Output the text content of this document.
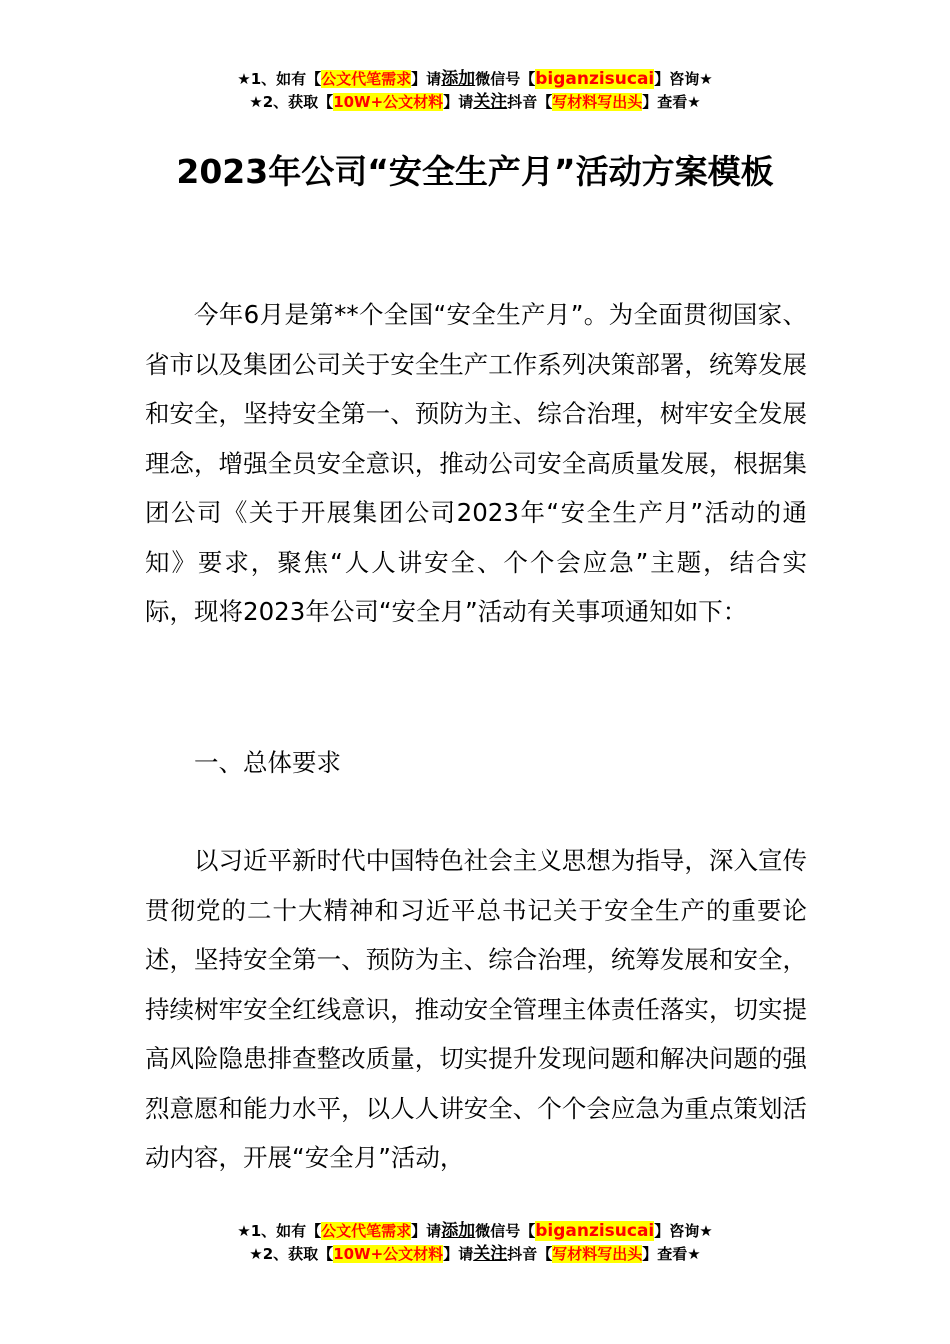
★1、如有【公文代笔需求】请添加微信号【biganzisucai】咨询★
★2、获取【10W+公文材料】请关注抖音【写材料写出头】查看★
2023年公司“安全生产月”活动方案模板

今年6月是第**个全国“安全生产月”。为全面贯彻国家、省市以及集团公司关于安全生产工作系列决策部署，统筹发展和安全，坚持安全第一、预防为主、综合治理，树牢安全发展理念，增强全员安全意识，推动公司安全高质量发展，根据集团公司《关于开展集团公司2023年“安全生产月”活动的通知》要求，聚焦“人人讲安全、个个会应急”主题，结合实际，现将2023年公司“安全月”活动有关事项通知如下：

一、总体要求

以习近平新时代中国特色社会主义思想为指导，深入宣传贯彻党的二十大精神和习近平总书记关于安全生产的重要论述，坚持安全第一、预防为主、综合治理，统筹发展和安全，持续树牢安全红线意识，推动安全管理主体责任落实，切实提高风险隐患排查整改质量，切实提升发现问题和解决问题的强烈意愿和能力水平，以人人讲安全、个个会应急为重点策划活动内容，开展“安全月”活动，

★1、如有【公文代笔需求】请添加微信号【biganzisucai】咨询★
★2、获取【10W+公文材料】请关注抖音【写材料写出头】查看★
